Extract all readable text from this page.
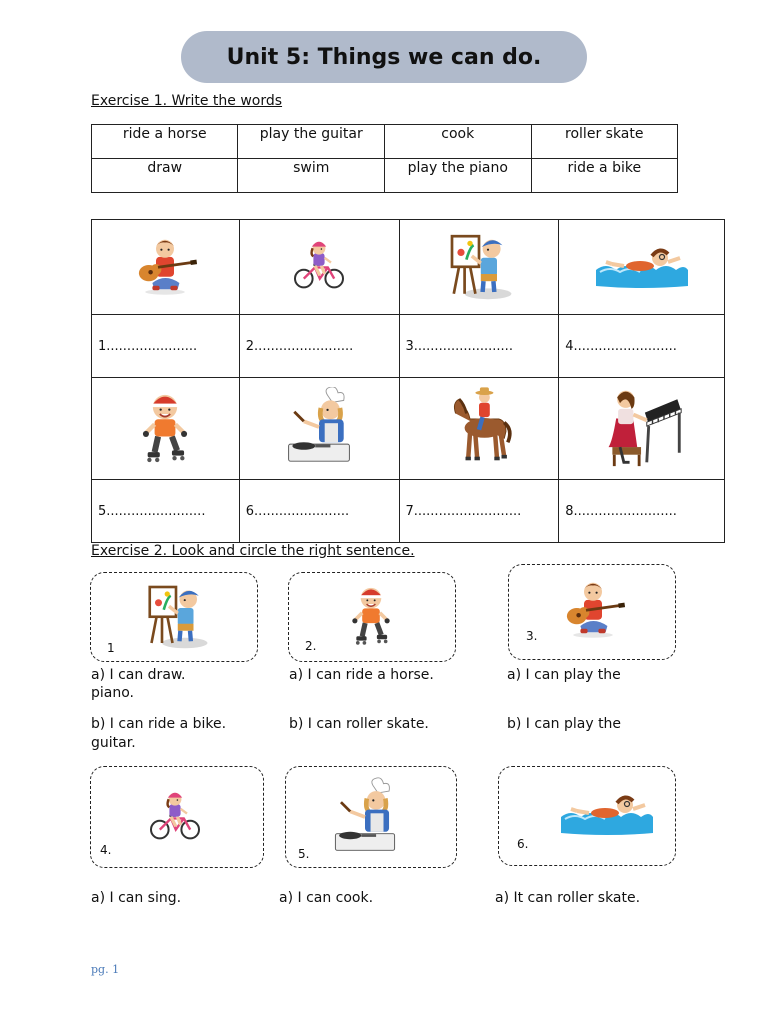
Unit 5: Things we can do.
Exercise 1. Write the words
ride a horse	play the guitar	cook	roller skate
draw	swim	play the piano	ride a bike

1......................	2........................	3........................	4.........................

5........................	6.......................	7..........................	8.........................
Exercise 2. Look and circle the right sentence.
1	2.
3.
a) I can draw.
piano.
a) I can ride a horse.	a) I can play the
b) I can ride a bike.
guitar.
b) I can roller skate.	b) I can play the
4.	5.
6.
a) I can sing.	a) I can cook.	a) It can roller skate.
pg. 1
